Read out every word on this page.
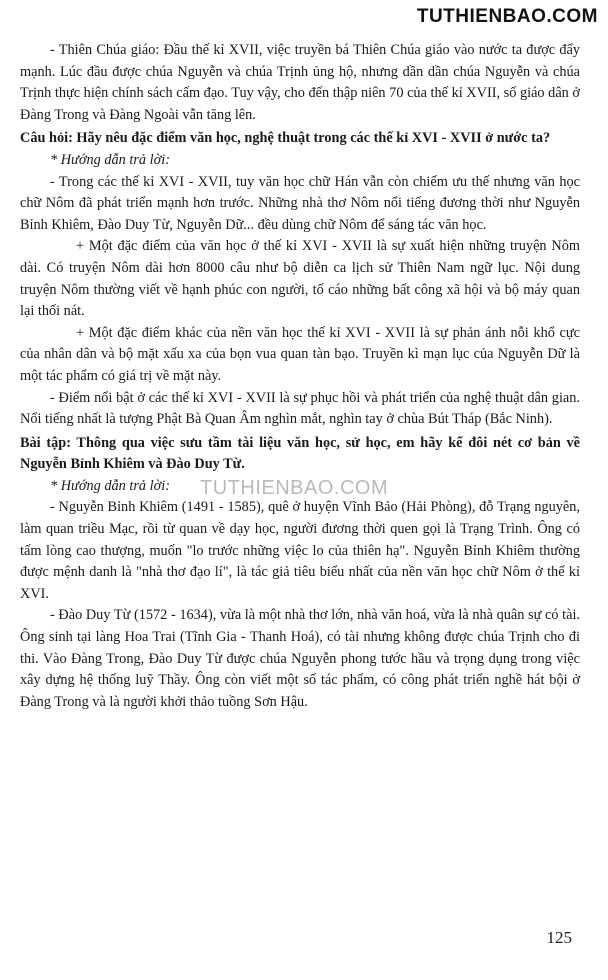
TUTHIENBAO.COM

- Thiên Chúa giáo: Đầu thế kỉ XVII, việc truyền bá Thiên Chúa giáo vào nước ta được đẩy mạnh. Lúc đầu được chúa Nguyễn và chúa Trịnh ủng hộ, nhưng dần dần chúa Nguyễn và chúa Trịnh thực hiện chính sách cấm đạo. Tuy vậy, cho đến thập niên 70 của thế kỉ XVII, số giáo dân ở Đàng Trong và Đàng Ngoài vẫn tăng lên.

Câu hỏi: Hãy nêu đặc điểm văn học, nghệ thuật trong các thế kỉ XVI - XVII ở nước ta?

* Hướng dẫn trả lời:

- Trong các thế kỉ XVI - XVII, tuy văn học chữ Hán vẫn còn chiếm ưu thế nhưng văn học chữ Nôm đã phát triển mạnh hơn trước. Những nhà thơ Nôm nổi tiếng đương thời như Nguyễn Bỉnh Khiêm, Đào Duy Từ, Nguyễn Dữ... đều dùng chữ Nôm để sáng tác văn học.

+ Một đặc điểm của văn học ở thế kỉ XVI - XVII là sự xuất hiện những truyện Nôm dài. Có truyện Nôm dài hơn 8000 câu như bộ diễn ca lịch sử Thiên Nam ngữ lục. Nội dung truyện Nôm thường viết về hạnh phúc con người, tố cáo những bất công xã hội và bộ máy quan lại thối nát.

+ Một đặc điểm khác của nền văn học thế kỉ XVI - XVII là sự phản ánh nỗi khổ cực của nhân dân và bộ mặt xấu xa của bọn vua quan tàn bạo. Truyền kì mạn lục của Nguyễn Dữ là một tác phẩm có giá trị về mặt này.

- Điểm nổi bật ở các thế kỉ XVI - XVII là sự phục hồi và phát triển của nghệ thuật dân gian. Nổi tiếng nhất là tượng Phật Bà Quan Âm nghìn mắt, nghìn tay ở chùa Bút Tháp (Bắc Ninh).

Bài tập: Thông qua việc sưu tầm tài liệu văn học, sử học, em hãy kể đôi nét cơ bản về Nguyễn Bỉnh Khiêm và Đào Duy Từ.

* Hướng dẫn trả lời:

- Nguyễn Bỉnh Khiêm (1491 - 1585), quê ở huyện Vĩnh Bảo (Hải Phòng), đỗ Trạng nguyên, làm quan triều Mạc, rồi từ quan về dạy học, người đương thời quen gọi là Trạng Trình. Ông có tấm lòng cao thượng, muốn "lo trước những việc lo của thiên hạ". Nguyễn Bỉnh Khiêm thường được mệnh danh là "nhà thơ đạo lí", là tác giả tiêu biểu nhất của nền văn học chữ Nôm ở thế kỉ XVI.

- Đào Duy Từ (1572 - 1634), vừa là một nhà thơ lớn, nhà văn hoá, vừa là nhà quân sự có tài. Ông sinh tại làng Hoa Trai (Tĩnh Gia - Thanh Hoá), có tài nhưng không được chúa Trịnh cho đi thi. Vào Đàng Trong, Đào Duy Từ được chúa Nguyễn phong tước hầu và trọng dụng trong việc xây dựng hệ thống luỹ Thầy. Ông còn viết một số tác phẩm, có công phát triển nghề hát bội ở Đàng Trong và là người khởi thảo tuồng Sơn Hậu.

TUTHIENBAO.COM
125
